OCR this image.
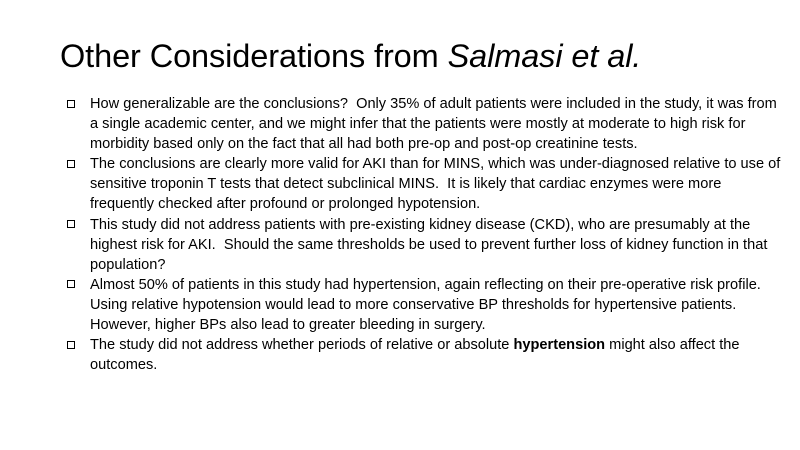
Other Considerations from Salmasi et al.
How generalizable are the conclusions?  Only 35% of adult patients were included in the study, it was from a single academic center, and we might infer that the patients were mostly at moderate to high risk for morbidity based only on the fact that all had both pre-op and post-op creatinine tests.
The conclusions are clearly more valid for AKI than for MINS, which was under-diagnosed relative to use of sensitive troponin T tests that detect subclinical MINS.  It is likely that cardiac enzymes were more frequently checked after profound or prolonged hypotension.
This study did not address patients with pre-existing kidney disease (CKD), who are presumably at the highest risk for AKI.  Should the same thresholds be used to prevent further loss of kidney function in that population?
Almost 50% of patients in this study had hypertension, again reflecting on their pre-operative risk profile.  Using relative hypotension would lead to more conservative BP thresholds for hypertensive patients. However, higher BPs also lead to greater bleeding in surgery.
The study did not address whether periods of relative or absolute hypertension might also affect the outcomes.
